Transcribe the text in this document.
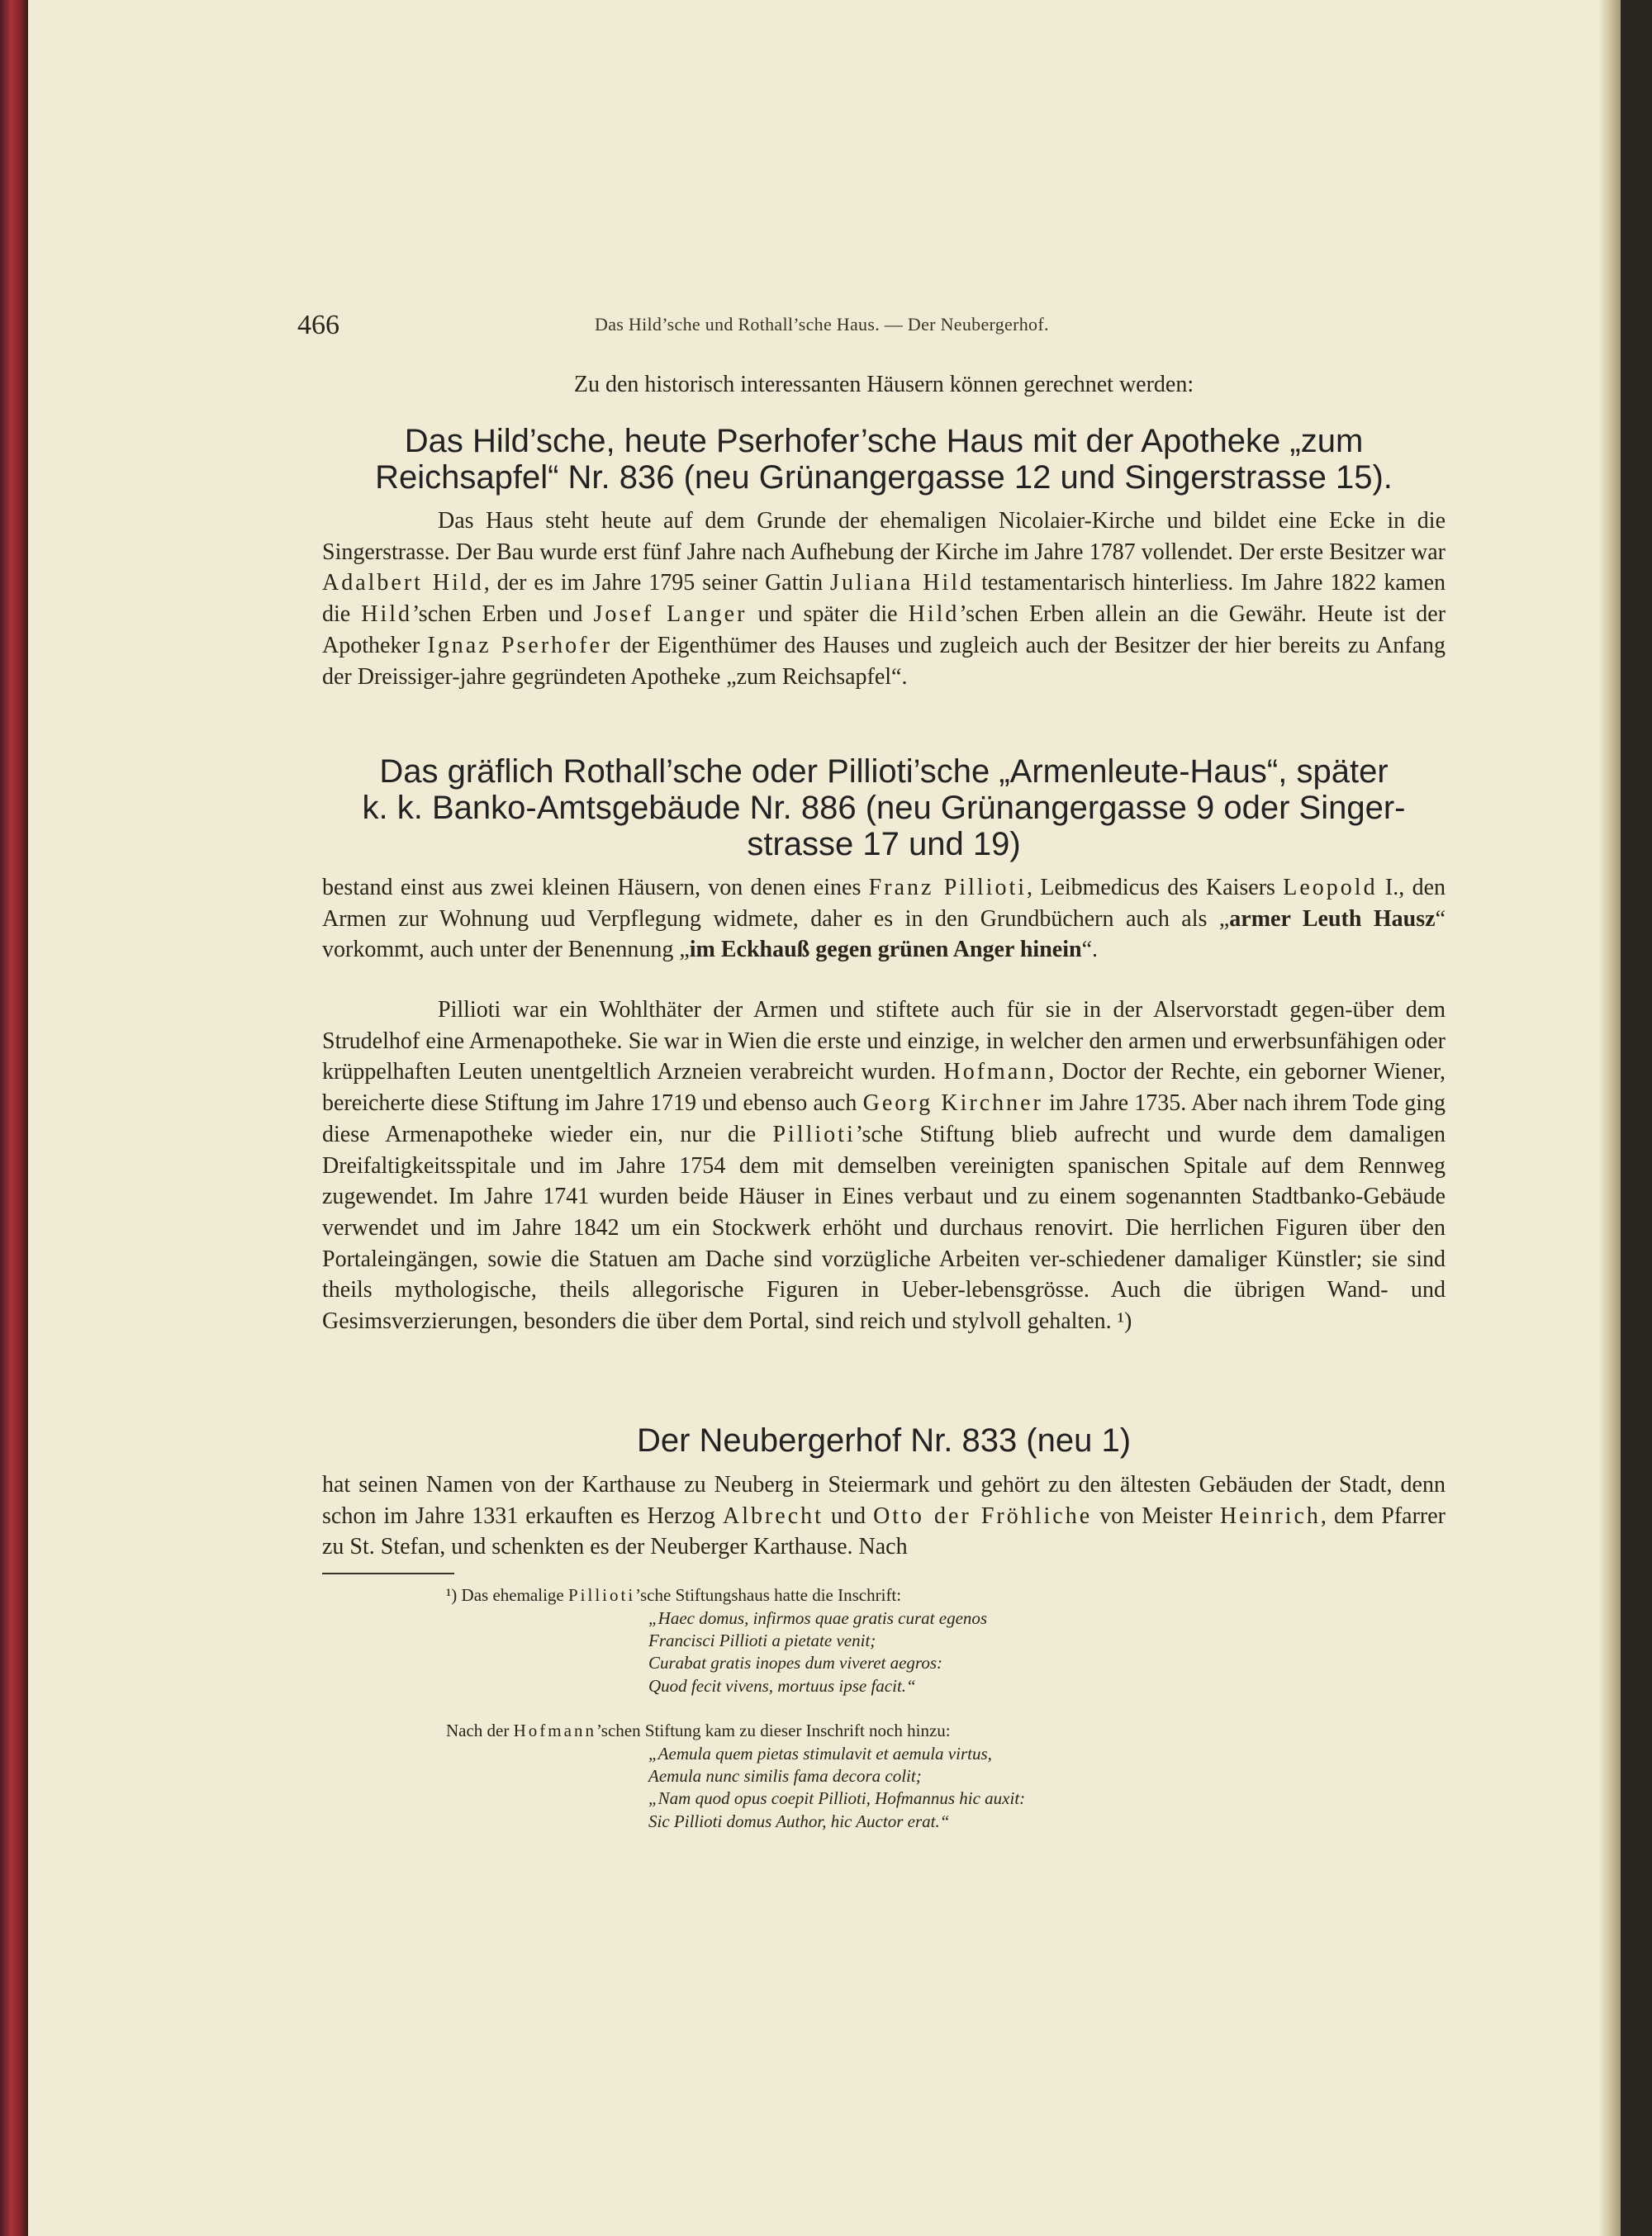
466	Das Hild’sche und Rothall’sche Haus. — Der Neubergerhof.
Zu den historisch interessanten Häusern können gerechnet werden:
Das Hild’sche, heute Pserhofer’sche Haus mit der Apotheke „zum
Reichsapfel“ Nr. 836 (neu Grünangergasse 12 und Singerstrasse 15).
Das Haus steht heute auf dem Grunde der ehemaligen Nicolaier-Kirche und bildet eine Ecke in die Singerstrasse. Der Bau wurde erst fünf Jahre nach Aufhebung der Kirche im Jahre 1787 vollendet. Der erste Besitzer war Adalbert Hild, der es im Jahre 1795 seiner Gattin Juliana Hild testamentarisch hinterliess. Im Jahre 1822 kamen die Hild’schen Erben und Josef Langer und später die Hild’schen Erben allein an die Gewähr. Heute ist der Apotheker Ignaz Pserhofer der Eigenthümer des Hauses und zugleich auch der Besitzer der hier bereits zu Anfang der Dreissiger-jahre gegründeten Apotheke „zum Reichsapfel“.
Das gräflich Rothall’sche oder Pillioti’sche „Armenleute-Haus“, später
k. k. Banko-Amtsgebäude Nr. 886 (neu Grünangergasse 9 oder Singer-
strasse 17 und 19)
bestand einst aus zwei kleinen Häusern, von denen eines Franz Pillioti, Leibmedicus des Kaisers Leopold I., den Armen zur Wohnung uud Verpflegung widmete, daher es in den Grundbüchern auch als „armer Leuth Hausz“ vorkommt, auch unter der Benennung „im Eckhauß gegen grünen Anger hinein“.
Pillioti war ein Wohlthäter der Armen und stiftete auch für sie in der Alservorstadt gegen-über dem Strudelhof eine Armenapotheke. Sie war in Wien die erste und einzige, in welcher den armen und erwerbsunfähigen oder krüppelhaften Leuten unentgeltlich Arzneien verabreicht wurden. Hofmann, Doctor der Rechte, ein geborner Wiener, bereicherte diese Stiftung im Jahre 1719 und ebenso auch Georg Kirchner im Jahre 1735. Aber nach ihrem Tode ging diese Armenapotheke wieder ein, nur die Pillioti’sche Stiftung blieb aufrecht und wurde dem damaligen Dreifaltigkeitsspitale und im Jahre 1754 dem mit demselben vereinigten spanischen Spitale auf dem Rennweg zugewendet. Im Jahre 1741 wurden beide Häuser in Eines verbaut und zu einem sogenannten Stadtbanko-Gebäude verwendet und im Jahre 1842 um ein Stockwerk erhöht und durchaus renovirt. Die herrlichen Figuren über den Portaleingängen, sowie die Statuen am Dache sind vorzügliche Arbeiten ver-schiedener damaliger Künstler; sie sind theils mythologische, theils allegorische Figuren in Ueber-lebensgrösse. Auch die übrigen Wand- und Gesimsverzierungen, besonders die über dem Portal, sind reich und stylvoll gehalten. ¹)
Der Neubergerhof Nr. 833 (neu 1)
hat seinen Namen von der Karthause zu Neuberg in Steiermark und gehört zu den ältesten Gebäuden der Stadt, denn schon im Jahre 1331 erkauften es Herzog Albrecht und Otto der Fröhliche von Meister Heinrich, dem Pfarrer zu St. Stefan, und schenkten es der Neuberger Karthause. Nach
¹) Das ehemalige Pillioti’sche Stiftungshaus hatte die Inschrift:
„Haec domus, infirmos quae gratis curat egenos
Francisci Pillioti a pietate venit;
Curabat gratis inopes dum viveret aegros:
Quod fecit vivens, mortuus ipse facit.“
Nach der Hofmann’schen Stiftung kam zu dieser Inschrift noch hinzu:
„Aemula quem pietas stimulavit et aemula virtus,
Aemula nunc similis fama decora colit;
„Nam quod opus coepit Pillioti, Hofmannus hic auxit:
Sic Pillioti domus Author, hic Auctor erat.“
